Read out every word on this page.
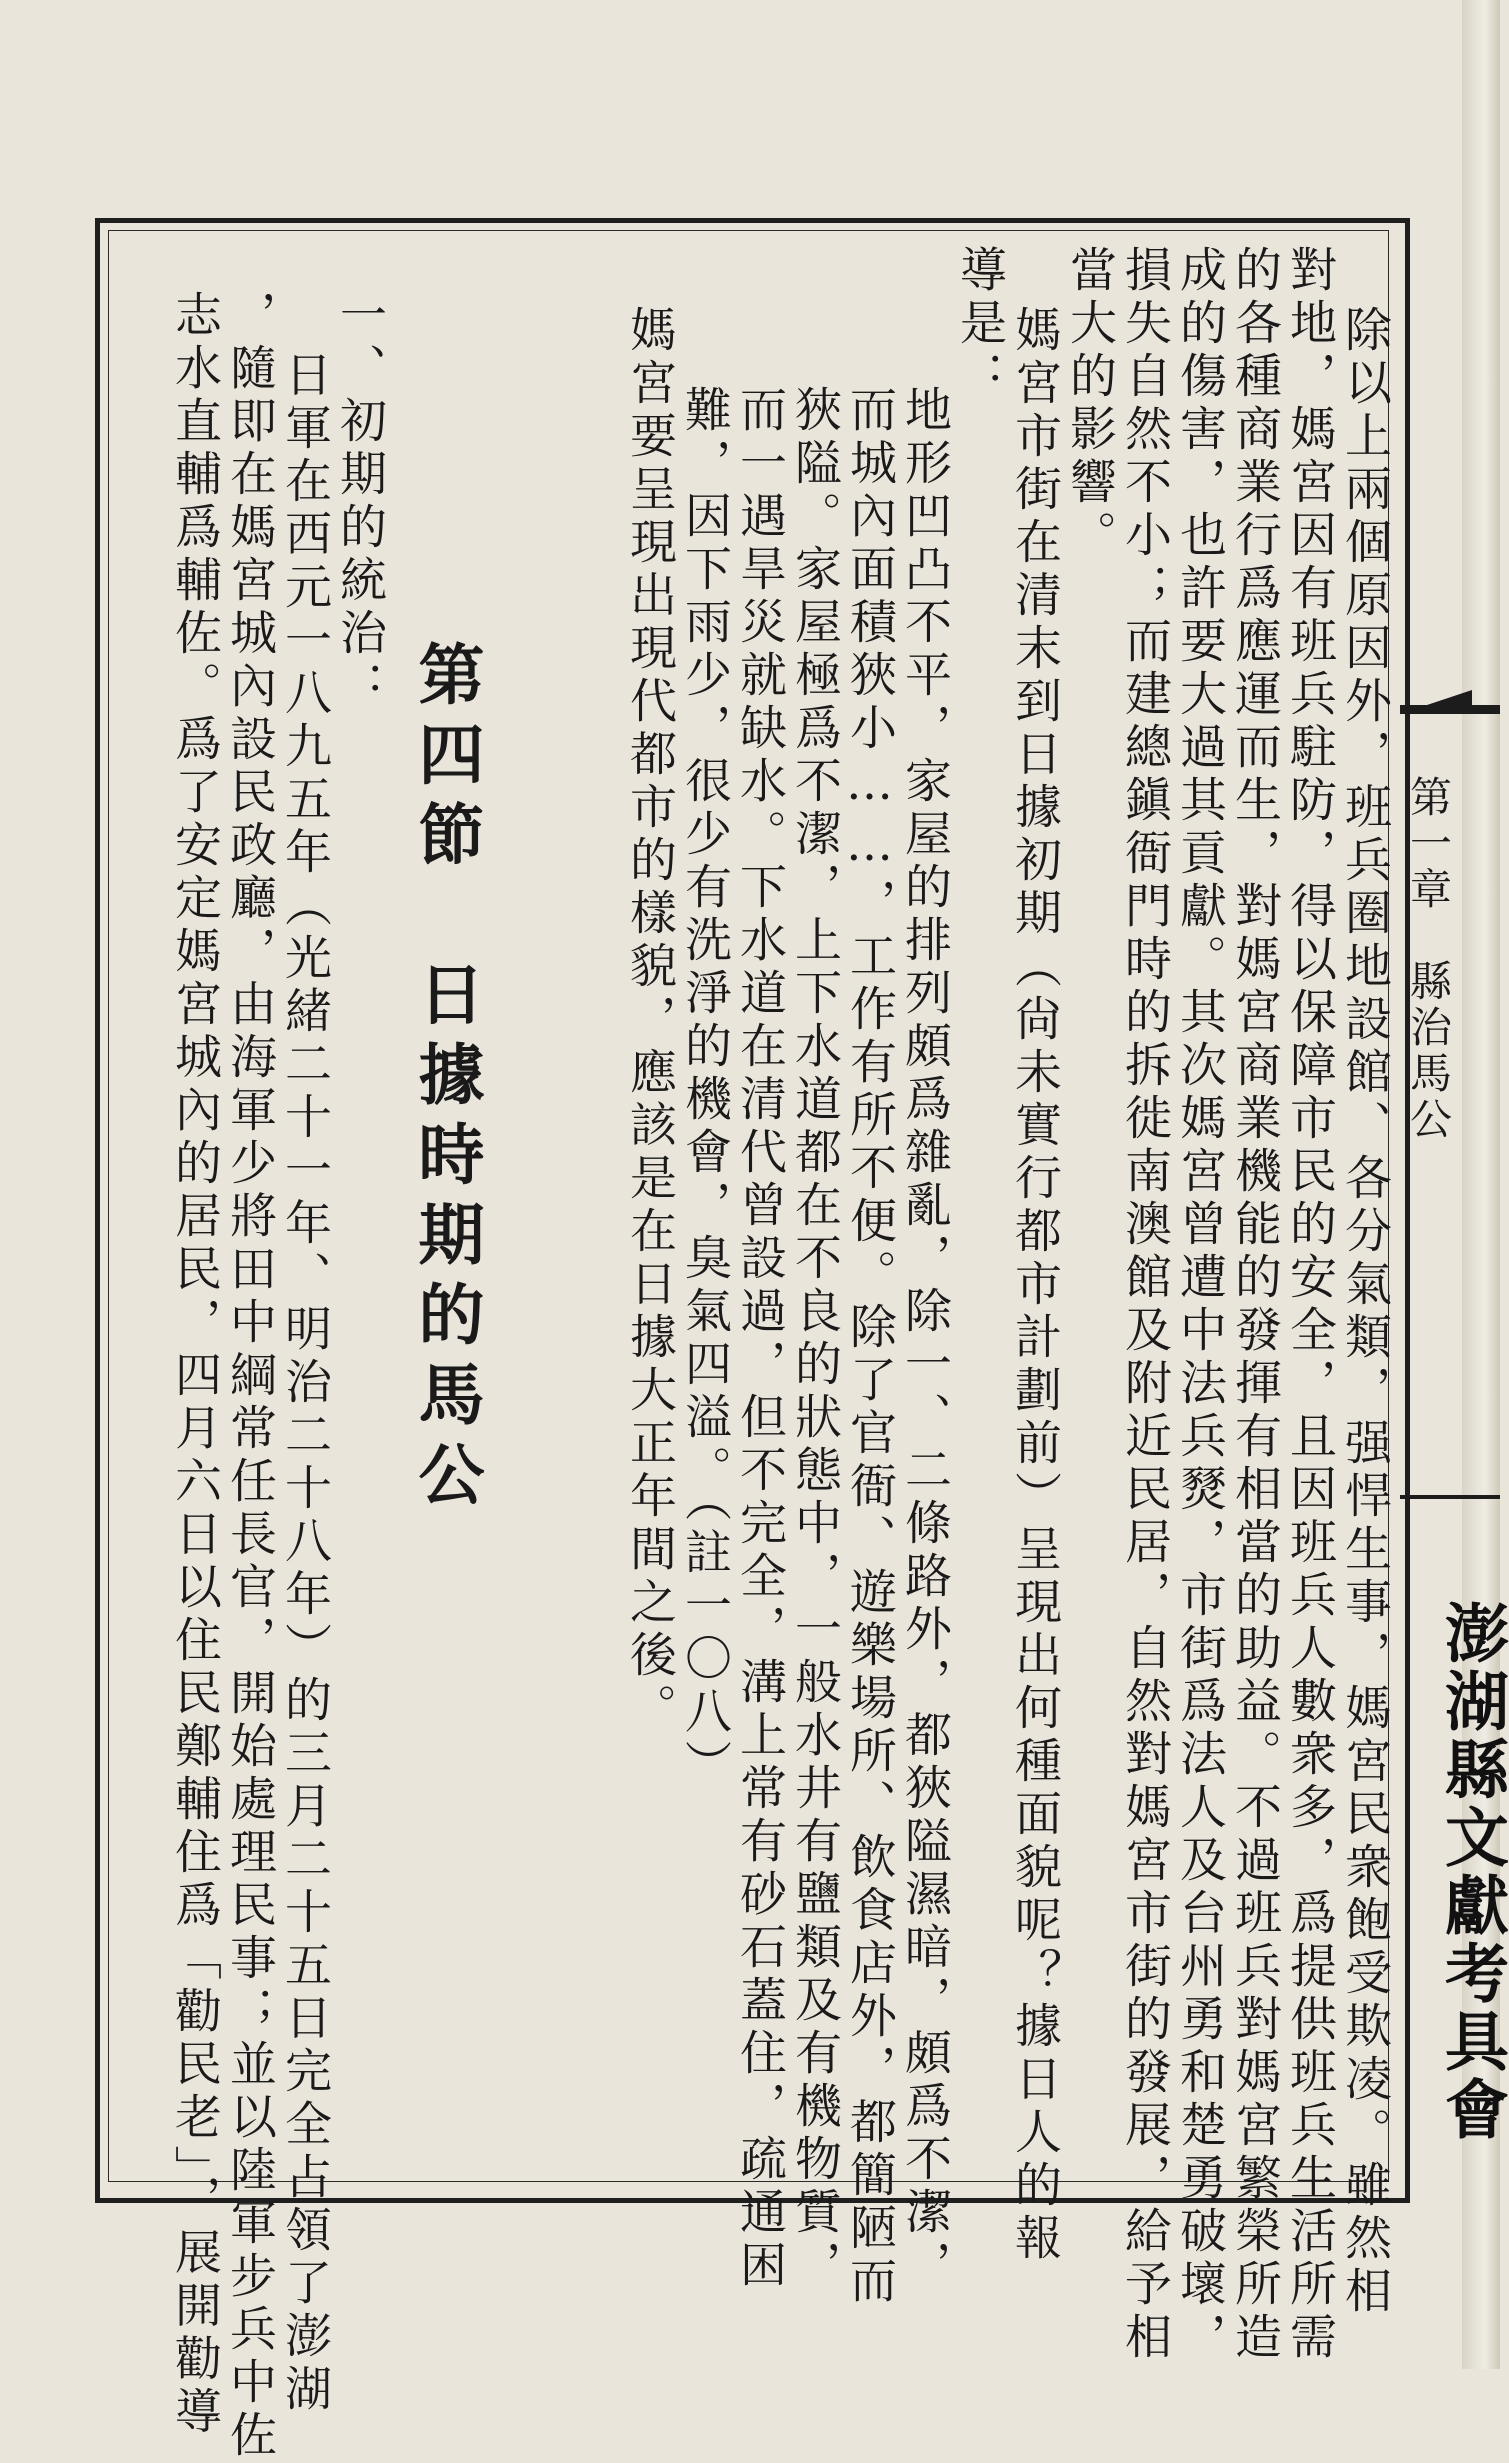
第一章　縣治馬公
澎湖縣文獻考具會
除以上兩個原因外，班兵圈地設館、各分氣類，强悍生事，媽宮民衆飽受欺凌。雖然相
對地，媽宮因有班兵駐防，得以保障市民的安全，且因班兵人數衆多，爲提供班兵生活所需
的各種商業行爲應運而生，對媽宮商業機能的發揮有相當的助益。不過班兵對媽宮繁榮所造
成的傷害，也許要大過其貢獻。其次媽宮曾遭中法兵燹，市街爲法人及台州勇和楚勇破壞，
損失自然不小；而建總鎭衙門時的拆徙南澳館及附近民居，自然對媽宮市街的發展，給予相
當大的影響。
媽宮市街在清末到日據初期（尙未實行都市計劃前）呈現出何種面貌呢？據日人的報
導是：
地形凹凸不平，家屋的排列頗爲雜亂，除一、二條路外，都狹隘濕暗，頗爲不潔，
而城內面積狹小……，工作有所不便。除了官衙、遊樂場所、飲食店外，都簡陋而
狹隘。家屋極爲不潔，上下水道都在不良的狀態中，一般水井有鹽類及有機物質，
而一遇旱災就缺水。下水道在清代曾設過，但不完全，溝上常有砂石蓋住，疏通困
難，因下雨少，很少有洗淨的機會，臭氣四溢。（註一〇八）
媽宮要呈現出現代都市的樣貌，應該是在日據大正年間之後。
第四節　日據時期的馬公
一、初期的統治：
日軍在西元一八九五年（光緒二十一年、明治二十八年）的三月二十五日完全占領了澎湖
，隨即在媽宮城內設民政廳，由海軍少將田中綱常任長官，開始處理民事；並以陸軍步兵中佐
志水直輔爲輔佐。爲了安定媽宮城內的居民，四月六日以住民鄭輔住爲「勸民老」，展開勸導
